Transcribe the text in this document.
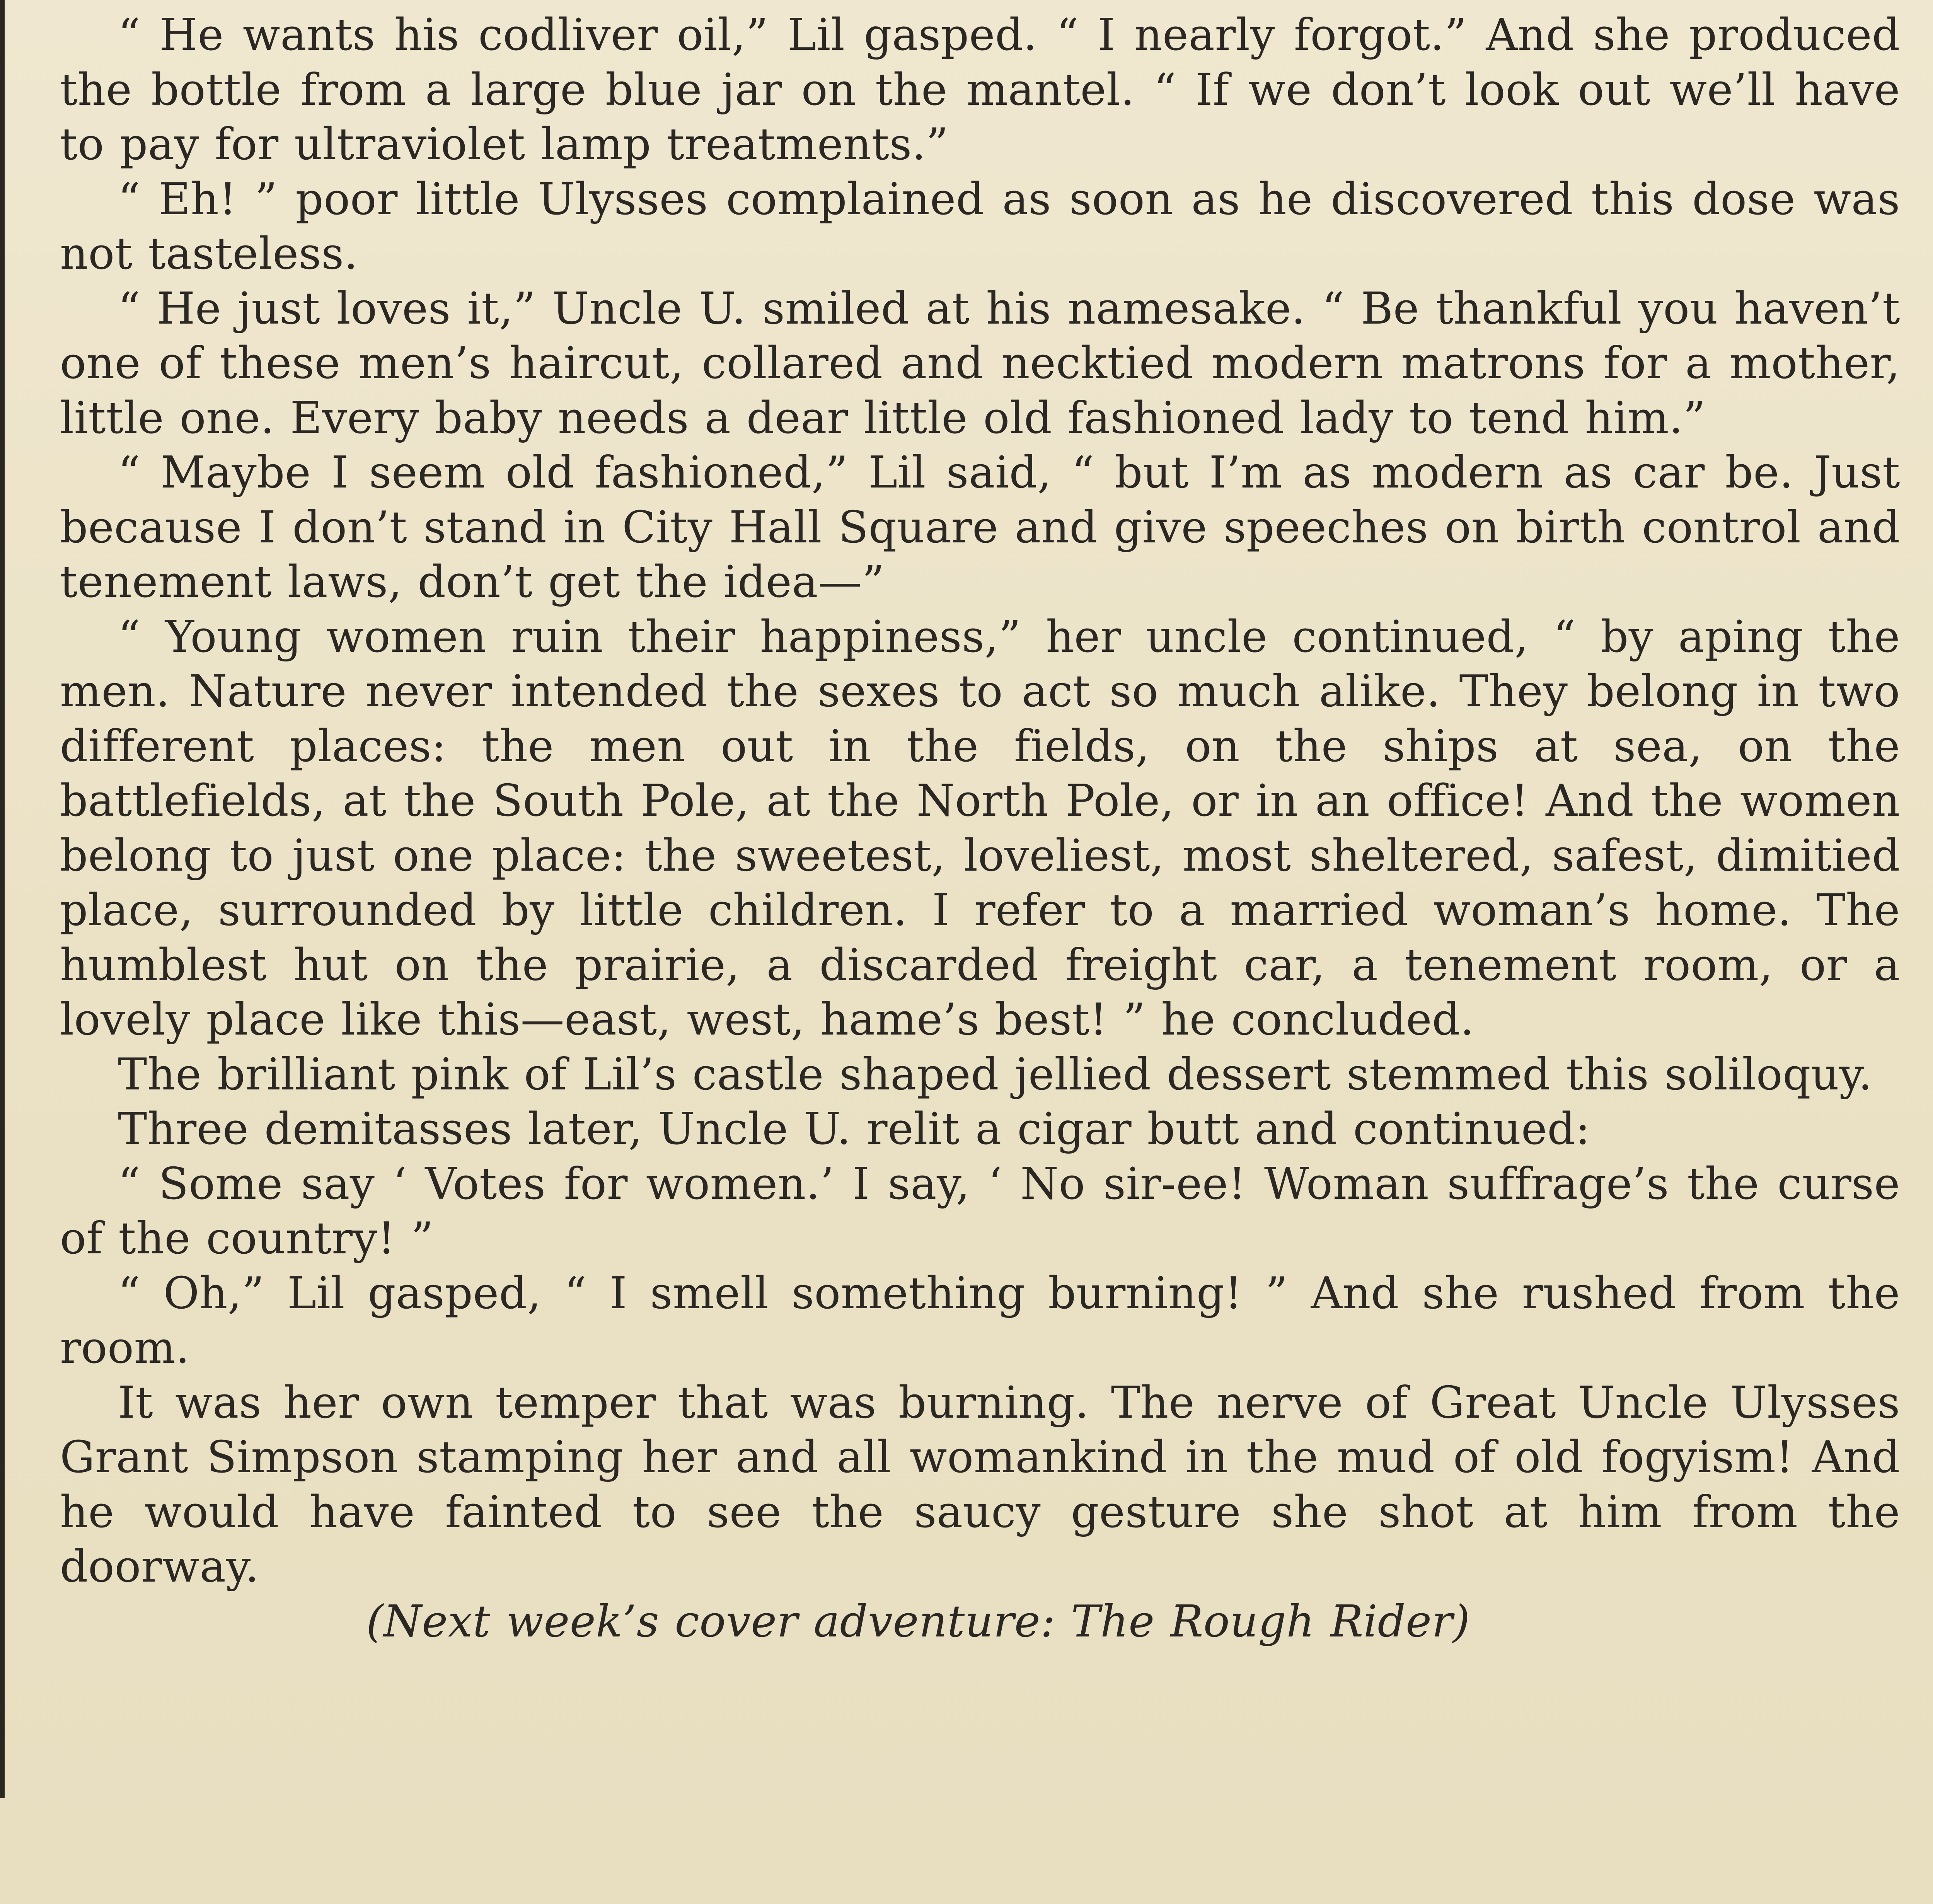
“ He wants his codliver oil,” Lil gasped. “ I nearly forgot.” And she produced the bottle from a large blue jar on the mantel. “ If we don’t look out we’ll have to pay for ultraviolet lamp treatments.”

“ Eh! ” poor little Ulysses complained as soon as he discovered this dose was not tasteless.

“ He just loves it,” Uncle U. smiled at his namesake. “ Be thankful you haven’t one of these men’s haircut, collared and necktied modern matrons for a mother, little one. Every baby needs a dear little old fashioned lady to tend him.”

“ Maybe I seem old fashioned,” Lil said, “ but I’m as modern as car be. Just because I don’t stand in City Hall Square and give speeches on birth control and tenement laws, don’t get the idea—”

“ Young women ruin their happiness,” her uncle continued, “ by aping the men. Nature never intended the sexes to act so much alike. They belong in two different places: the men out in the fields, on the ships at sea, on the battlefields, at the South Pole, at the North Pole, or in an office! And the women belong to just one place: the sweetest, loveliest, most sheltered, safest, dimitied place, surrounded by little children. I refer to a married woman’s home. The humblest hut on the prairie, a discarded freight car, a tenement room, or a lovely place like this—east, west, hame’s best! ” he concluded.

The brilliant pink of Lil’s castle shaped jellied dessert stemmed this soliloquy.

Three demitasses later, Uncle U. relit a cigar butt and continued:

“ Some say ‘ Votes for women.’ I say, ‘ No sir-ee! Woman suffrage’s the curse of the country! ”

“ Oh,” Lil gasped, “ I smell something burning! ” And she rushed from the room.

It was her own temper that was burning. The nerve of Great Uncle Ulysses Grant Simpson stamping her and all womankind in the mud of old fogyism! And he would have fainted to see the saucy gesture she shot at him from the doorway.

(Next week’s cover adventure: The Rough Rider)
